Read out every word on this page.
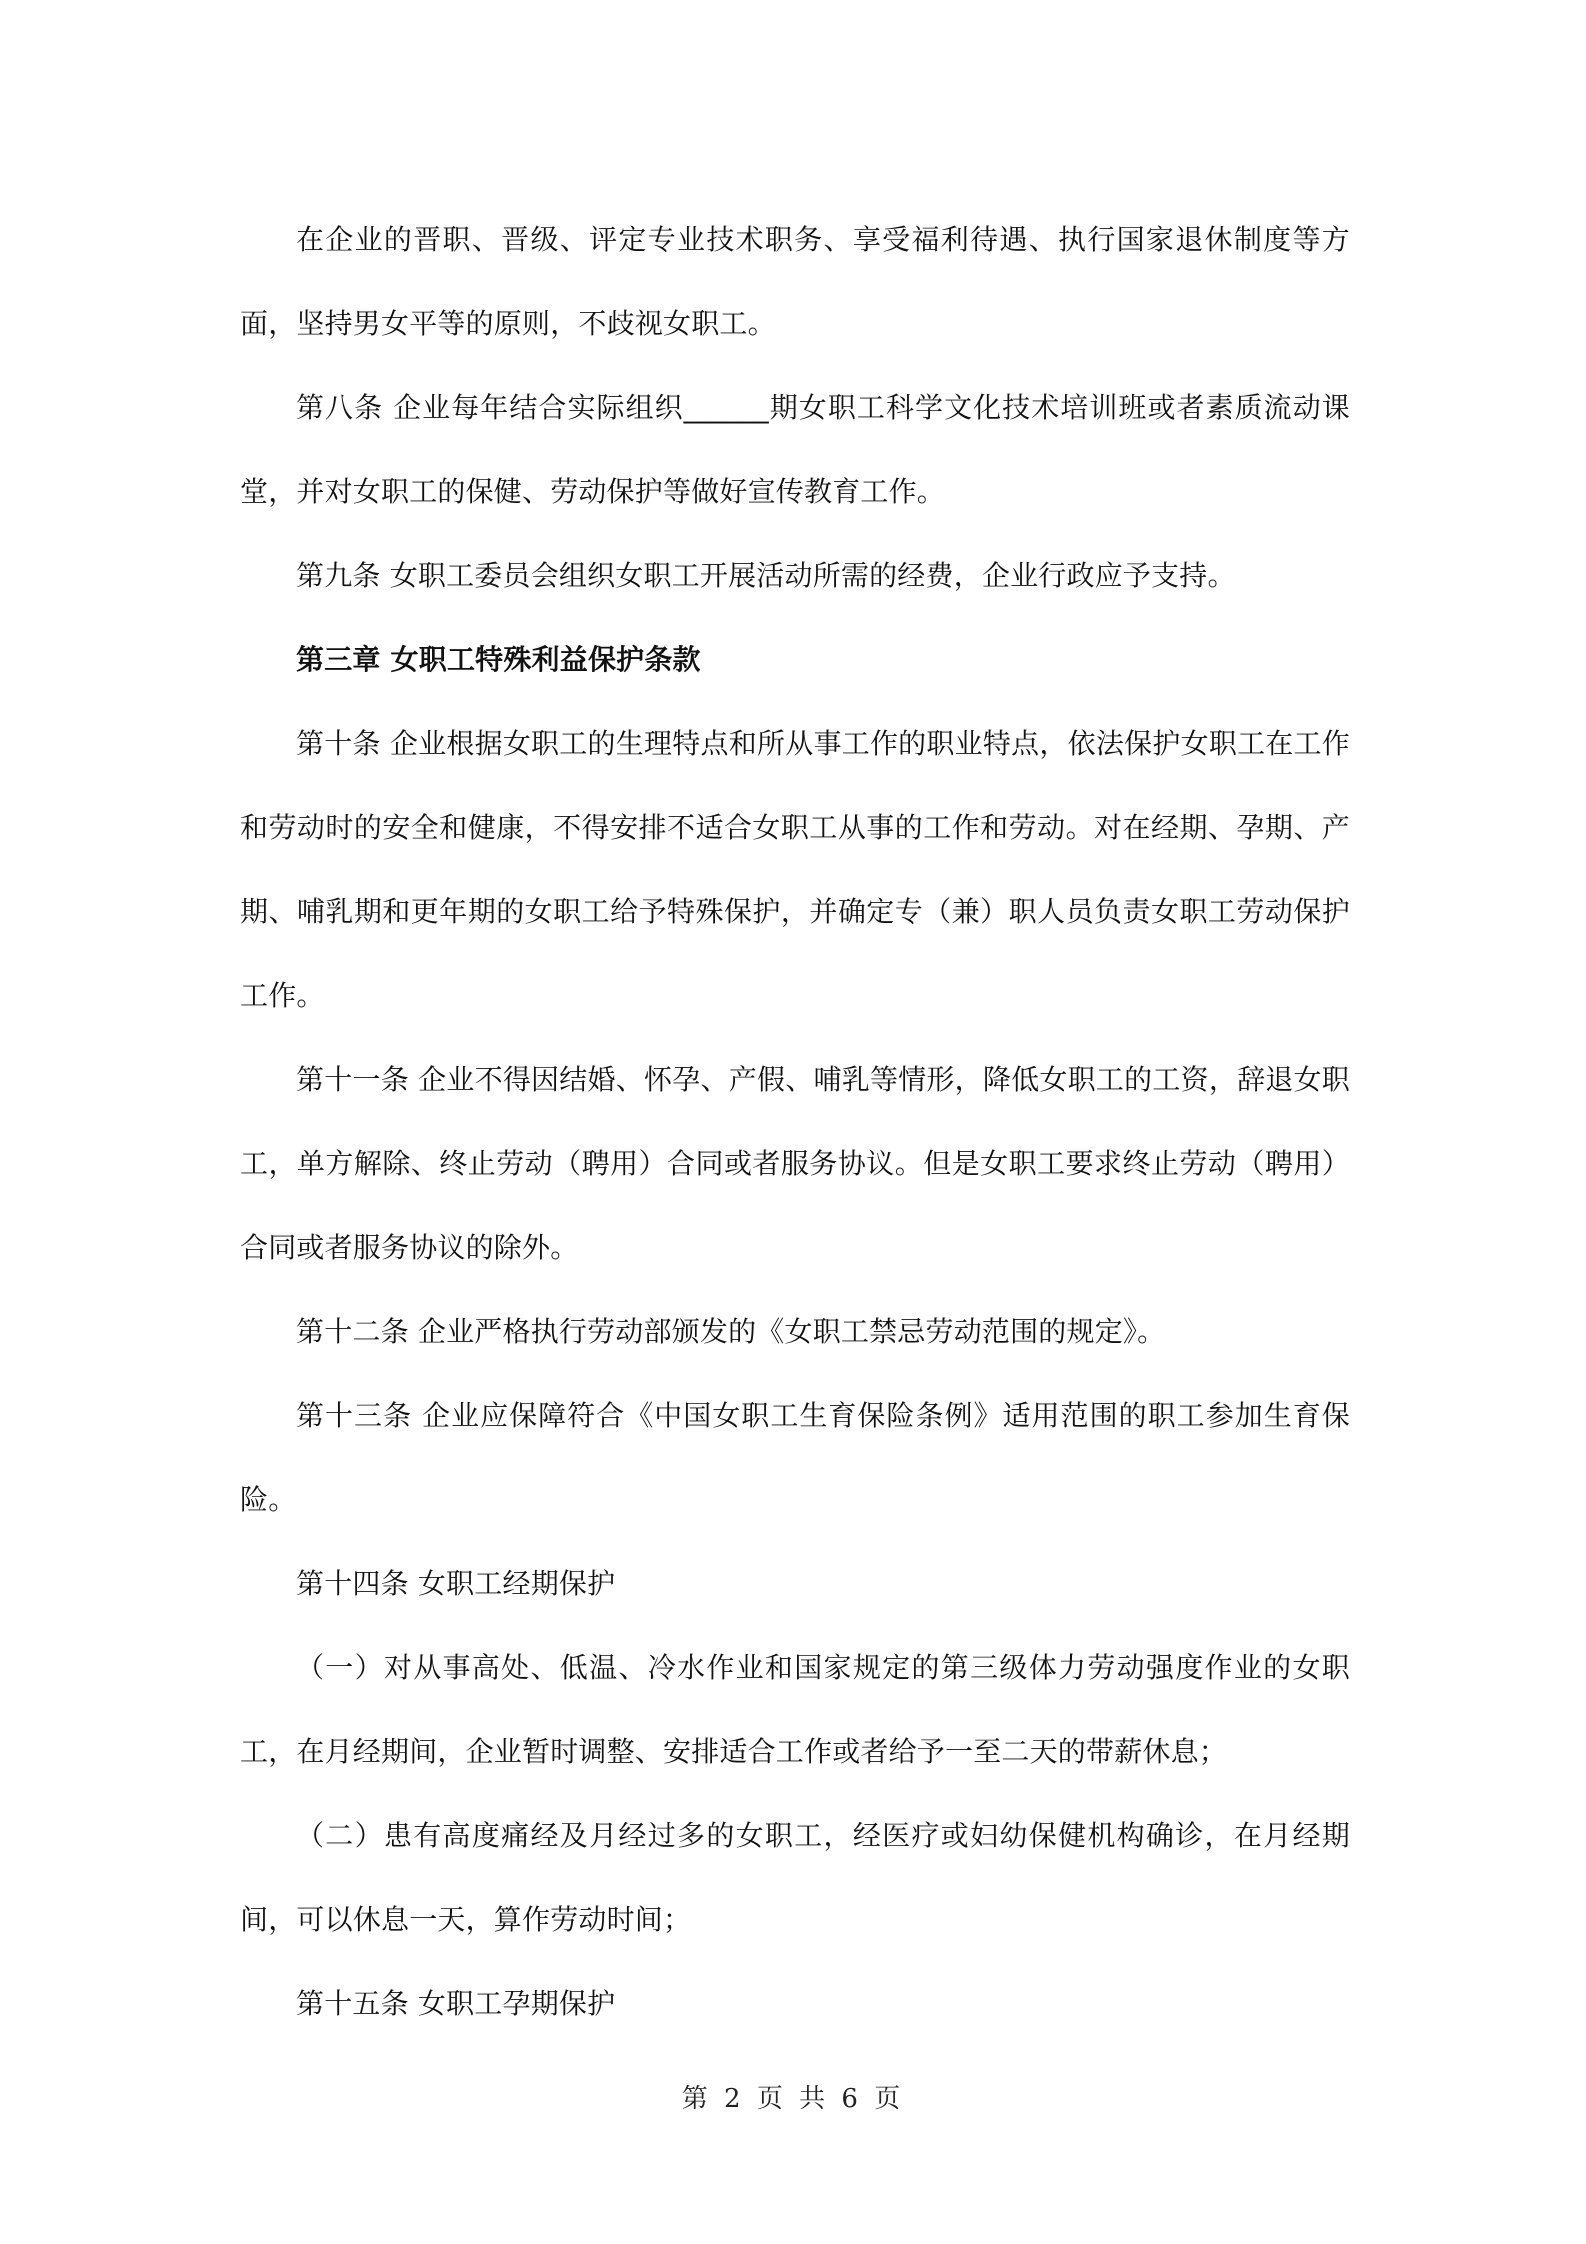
在企业的晋职、晋级、评定专业技术职务、享受福利待遇、执行国家退休制度等方面，坚持男女平等的原则，不歧视女职工。

第八条 企业每年结合实际组织______期女职工科学文化技术培训班或者素质流动课堂，并对女职工的保健、劳动保护等做好宣传教育工作。

第九条 女职工委员会组织女职工开展活动所需的经费，企业行政应予支持。

第三章 女职工特殊利益保护条款

第十条 企业根据女职工的生理特点和所从事工作的职业特点，依法保护女职工在工作和劳动时的安全和健康，不得安排不适合女职工从事的工作和劳动。对在经期、孕期、产期、哺乳期和更年期的女职工给予特殊保护，并确定专（兼）职人员负责女职工劳动保护工作。

第十一条 企业不得因结婚、怀孕、产假、哺乳等情形，降低女职工的工资，辞退女职工，单方解除、终止劳动（聘用）合同或者服务协议。但是女职工要求终止劳动（聘用）合同或者服务协议的除外。

第十二条 企业严格执行劳动部颁发的《女职工禁忌劳动范围的规定》。

第十三条 企业应保障符合《中国女职工生育保险条例》适用范围的职工参加生育保险。

第十四条 女职工经期保护

（一）对从事高处、低温、冷水作业和国家规定的第三级体力劳动强度作业的女职工，在月经期间，企业暂时调整、安排适合工作或者给予一至二天的带薪休息；

（二）患有高度痛经及月经过多的女职工，经医疗或妇幼保健机构确诊，在月经期间，可以休息一天，算作劳动时间；

第十五条 女职工孕期保护

第 2 页 共 6 页
